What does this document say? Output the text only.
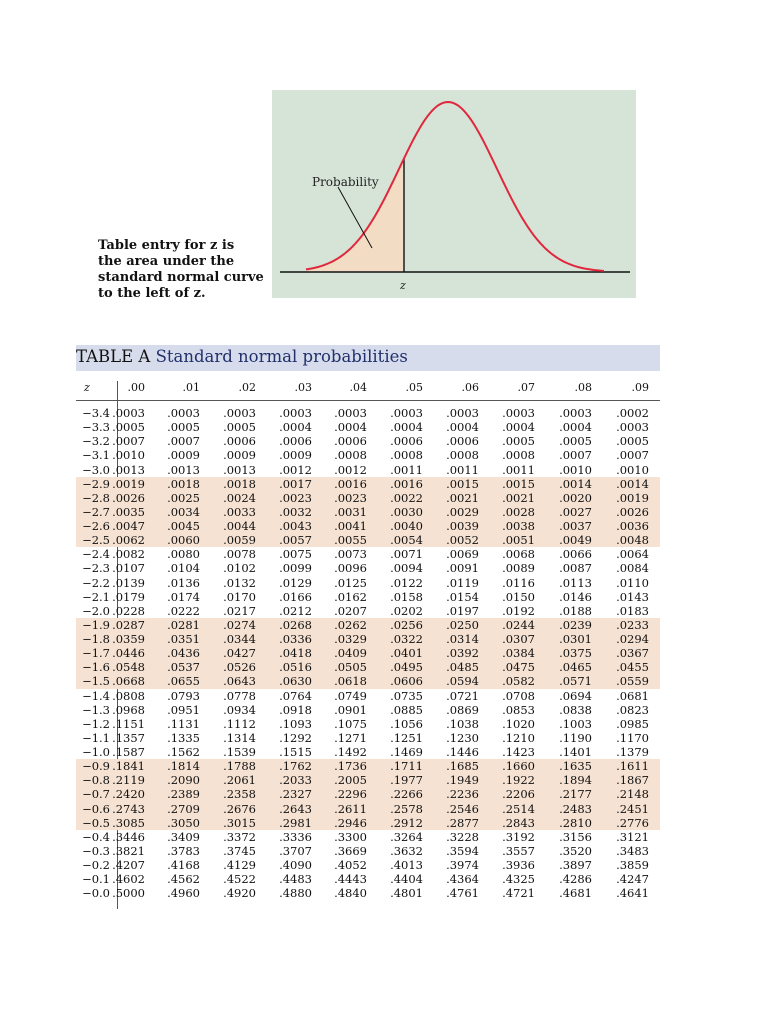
Probability
z
Table entry for z is
the area under the
standard normal curve
to the left of z.
TABLE A Standard normal probabilities
z	.00	.01	.02	.03	.04	.05	.06	.07	.08	.09
−3.4 .0003	.0003	.0003	.0003	.0003	.0003	.0003	.0003	.0003	.0002
−3.3 .0005	.0005	.0005	.0004	.0004	.0004	.0004	.0004	.0004	.0003
−3.2 .0007	.0007	.0006	.0006	.0006	.0006	.0006	.0005	.0005	.0005
−3.1 .0010	.0009	.0009	.0009	.0008	.0008	.0008	.0008	.0007	.0007
−3.0 .0013	.0013	.0013	.0012	.0012	.0011	.0011	.0011	.0010	.0010
−2.9 .0019	.0018	.0018	.0017	.0016	.0016	.0015	.0015	.0014	.0014
−2.8 .0026	.0025	.0024	.0023	.0023	.0022	.0021	.0021	.0020	.0019
−2.7 .0035	.0034	.0033	.0032	.0031	.0030	.0029	.0028	.0027	.0026
−2.6 .0047	.0045	.0044	.0043	.0041	.0040	.0039	.0038	.0037	.0036
−2.5 .0062	.0060	.0059	.0057	.0055	.0054	.0052	.0051	.0049	.0048
−2.4 .0082	.0080	.0078	.0075	.0073	.0071	.0069	.0068	.0066	.0064
−2.3 .0107	.0104	.0102	.0099	.0096	.0094	.0091	.0089	.0087	.0084
−2.2 .0139	.0136	.0132	.0129	.0125	.0122	.0119	.0116	.0113	.0110
−2.1 .0179	.0174	.0170	.0166	.0162	.0158	.0154	.0150	.0146	.0143
−2.0 .0228	.0222	.0217	.0212	.0207	.0202	.0197	.0192	.0188	.0183
−1.9 .0287	.0281	.0274	.0268	.0262	.0256	.0250	.0244	.0239	.0233
−1.8 .0359	.0351	.0344	.0336	.0329	.0322	.0314	.0307	.0301	.0294
−1.7 .0446	.0436	.0427	.0418	.0409	.0401	.0392	.0384	.0375	.0367
−1.6 .0548	.0537	.0526	.0516	.0505	.0495	.0485	.0475	.0465	.0455
−1.5 .0668	.0655	.0643	.0630	.0618	.0606	.0594	.0582	.0571	.0559
−1.4 .0808	.0793	.0778	.0764	.0749	.0735	.0721	.0708	.0694	.0681
−1.3 .0968	.0951	.0934	.0918	.0901	.0885	.0869	.0853	.0838	.0823
−1.2 .1151	.1131	.1112	.1093	.1075	.1056	.1038	.1020	.1003	.0985
−1.1 .1357	.1335	.1314	.1292	.1271	.1251	.1230	.1210	.1190	.1170
−1.0 .1587	.1562	.1539	.1515	.1492	.1469	.1446	.1423	.1401	.1379
−0.9 .1841	.1814	.1788	.1762	.1736	.1711	.1685	.1660	.1635	.1611
−0.8 .2119	.2090	.2061	.2033	.2005	.1977	.1949	.1922	.1894	.1867
−0.7 .2420	.2389	.2358	.2327	.2296	.2266	.2236	.2206	.2177	.2148
−0.6 .2743	.2709	.2676	.2643	.2611	.2578	.2546	.2514	.2483	.2451
−0.5 .3085	.3050	.3015	.2981	.2946	.2912	.2877	.2843	.2810	.2776
−0.4 .3446	.3409	.3372	.3336	.3300	.3264	.3228	.3192	.3156	.3121
−0.3 .3821	.3783	.3745	.3707	.3669	.3632	.3594	.3557	.3520	.3483
−0.2 .4207	.4168	.4129	.4090	.4052	.4013	.3974	.3936	.3897	.3859
−0.1 .4602	.4562	.4522	.4483	.4443	.4404	.4364	.4325	.4286	.4247
−0.0 .5000	.4960	.4920	.4880	.4840	.4801	.4761	.4721	.4681	.4641
